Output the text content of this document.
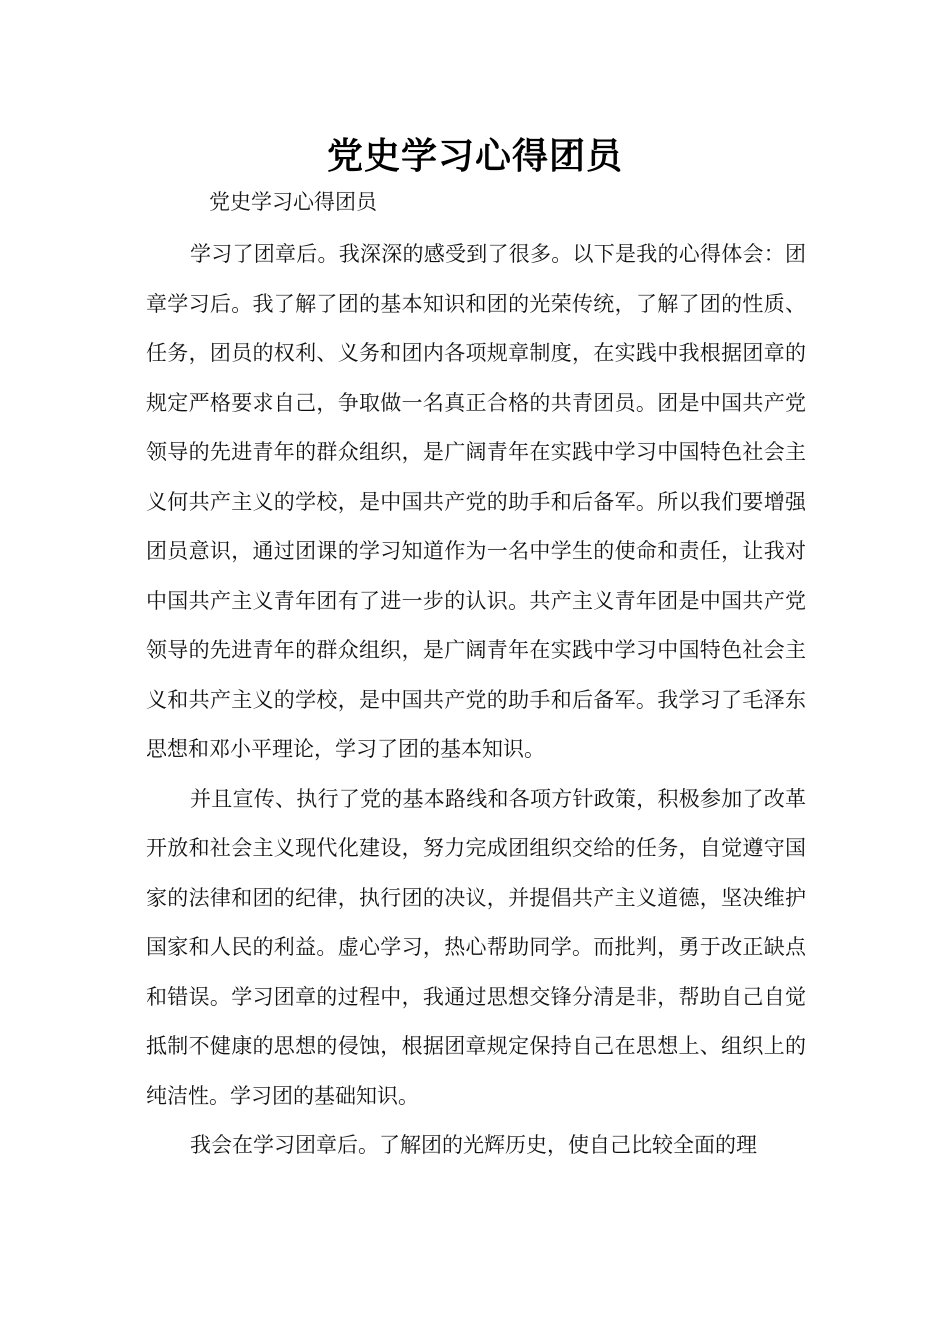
党史学习心得团员
党史学习心得团员

学习了团章后。我深深的感受到了很多。以下是我的心得体会：团章学习后。我了解了团的基本知识和团的光荣传统，了解了团的性质、任务，团员的权利、义务和团内各项规章制度，在实践中我根据团章的规定严格要求自己，争取做一名真正合格的共青团员。团是中国共产党领导的先进青年的群众组织，是广阔青年在实践中学习中国特色社会主义何共产主义的学校，是中国共产党的助手和后备军。所以我们要增强团员意识，通过团课的学习知道作为一名中学生的使命和责任，让我对中国共产主义青年团有了进一步的认识。共产主义青年团是中国共产党领导的先进青年的群众组织，是广阔青年在实践中学习中国特色社会主义和共产主义的学校，是中国共产党的助手和后备军。我学习了毛泽东思想和邓小平理论，学习了团的基本知识。

并且宣传、执行了党的基本路线和各项方针政策，积极参加了改革开放和社会主义现代化建设，努力完成团组织交给的任务，自觉遵守国家的法律和团的纪律，执行团的决议，并提倡共产主义道德，坚决维护国家和人民的利益。虚心学习，热心帮助同学。而批判，勇于改正缺点和错误。学习团章的过程中，我通过思想交锋分清是非，帮助自己自觉抵制不健康的思想的侵蚀，根据团章规定保持自己在思想上、组织上的纯洁性。学习团的基础知识。

我会在学习团章后。了解团的光辉历史，使自己比较全面的理
